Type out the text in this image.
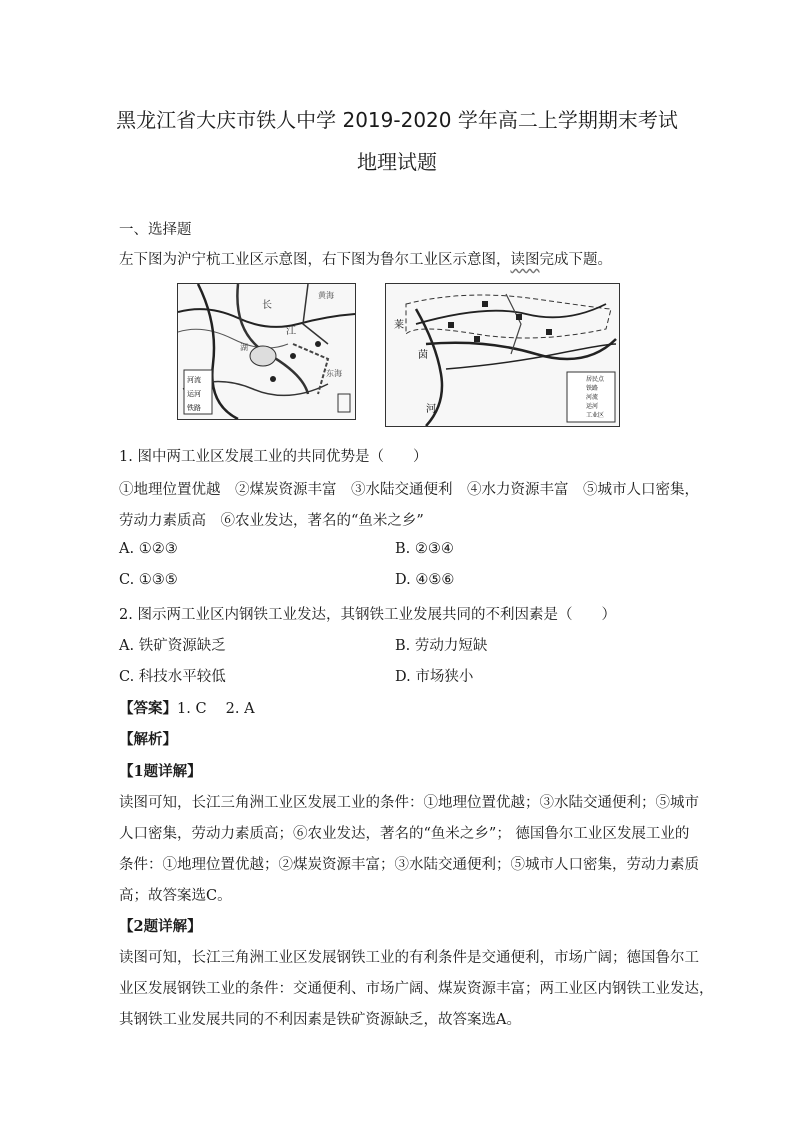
黑龙江省大庆市铁人中学 2019-2020 学年高二上学期期末考试
地理试题
一、选择题
左下图为沪宁杭工业区示意图，右下图为鲁尔工业区示意图，读图完成下题。
黄海
长
江
东海
湖
河流
运河
铁路
莱
茵
河
居民点
铁路
河流
运河
工业区
1. 图中两工业区发展工业的共同优势是（　　）
①地理位置优越　②煤炭资源丰富　③水陆交通便利　④水力资源丰富　⑤城市人口密集，
劳动力素质高　⑥农业发达，著名的“鱼米之乡”
A. ①②③	B. ②③④
C. ①③⑤	D. ④⑤⑥
2. 图示两工业区内钢铁工业发达，其钢铁工业发展共同的不利因素是（　　）
A. 铁矿资源缺乏	B. 劳动力短缺
C. 科技水平较低	D. 市场狭小
【答案】1. C　 2. A
【解析】
【1题详解】
读图可知，长江三角洲工业区发展工业的条件：①地理位置优越；③水陆交通便利；⑤城市
人口密集，劳动力素质高；⑥农业发达，著名的“鱼米之乡”； 德国鲁尔工业区发展工业的
条件：①地理位置优越；②煤炭资源丰富；③水陆交通便利；⑤城市人口密集，劳动力素质
高；故答案选C。
【2题详解】
读图可知，长江三角洲工业区发展钢铁工业的有利条件是交通便利，市场广阔；德国鲁尔工
业区发展钢铁工业的条件：交通便利、市场广阔、煤炭资源丰富；两工业区内钢铁工业发达，
其钢铁工业发展共同的不利因素是铁矿资源缺乏，故答案选A。
